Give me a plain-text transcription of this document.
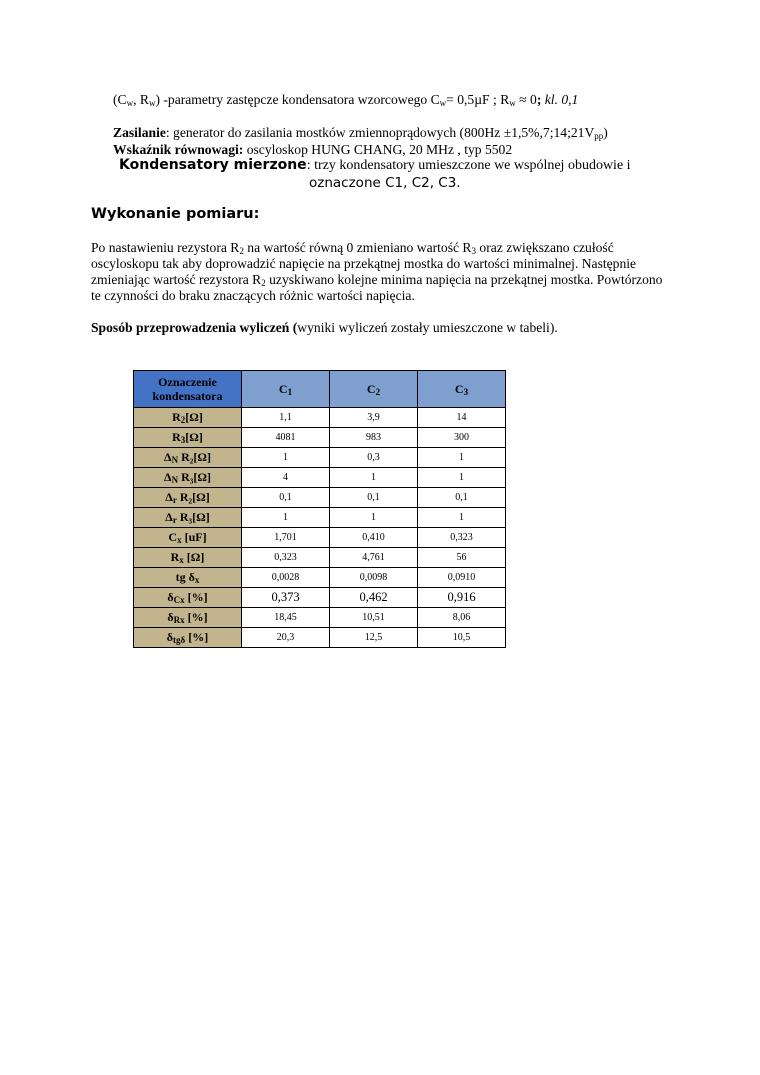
($C_w$, $R_w$) -parametry zastępcze kondensatora wzorcowego $C_w= 0,5\mu F$ ; $R_w \approx 0$; kl. 0,1
Zasilanie: generator do zasilania mostków zmiennoprądowych $(800Hz \pm 1,5\%,7;14;21V_{pp})$
Wskaźnik równowagi: oscyloskop HUNG CHANG, 20 MHz , typ 5502
Kondensatory mierzone: trzy kondensatory umieszczone we wspólnej obudowie i
oznaczone C1, C2, C3.
Wykonanie pomiaru:
Po nastawieniu rezystora $R_2$ na wartość równą 0 zmieniano wartość $R_3$ oraz zwiększano czułość oscyloskopu tak aby doprowadzić napięcie na przekątnej mostka do wartości minimalnej. Następnie zmieniając wartość rezystora $R_2$ uzyskiwano kolejne minima napięcia na przekątnej mostka. Powtórzono te czynności do braku znaczących różnic wartości napięcia.
Sposób przeprowadzenia wyliczeń (wyniki wyliczeń zostały umieszczone w tabeli).
Oznaczenie kondensatora	$C_1$	$C_2$	$C_3$
$R_2[\Omega]$	1,1	3,9	14
$R_3[\Omega]$	4081	983	300
$\Delta_N$ R₂[Ω]	1	0,3	1
$\Delta_N$ R₃[Ω]	4	1	1
$\Delta_r$ R₂[Ω]	0,1	0,1	0,1
$\Delta_r$ R₃[Ω]	1	1	1
$C_x$ [uF]	1,701	0,410	0,323
$R_x$ [Ω]	0,323	4,761	56
tg $\delta_x$	0,0028	0,0098	0,0910
$\delta_{Cx}$ [%]	0,373	0,462	0,916
$\delta_{Rx}$ [%]	18,45	10,51	8,06
$\delta_{tg\delta}$ [%]	20,3	12,5	10,5
